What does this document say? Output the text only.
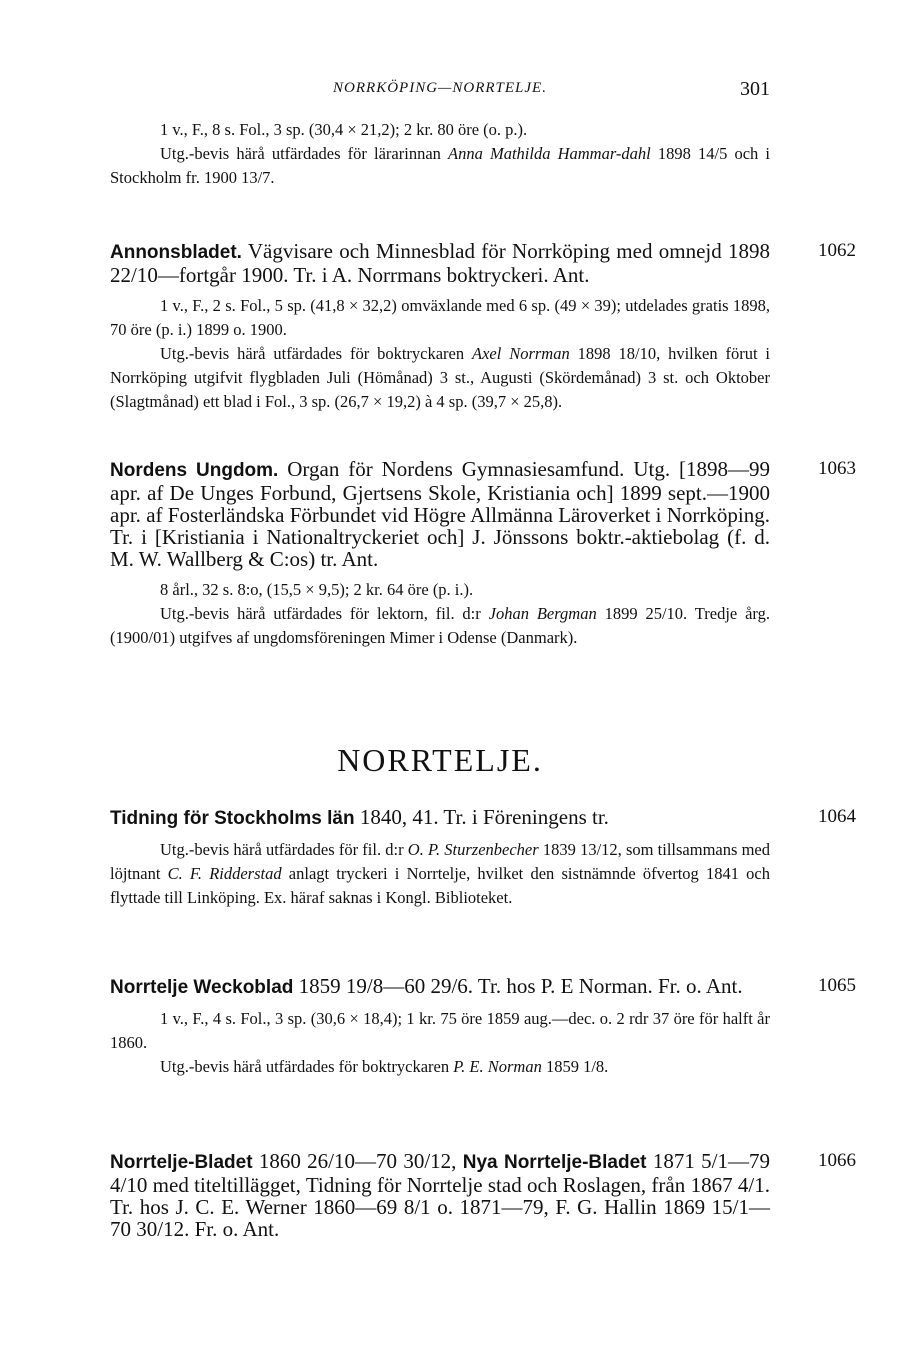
NORRKÖPING—NORRTELJE.	301

1 v., F., 8 s. Fol., 3 sp. (30,4 × 21,2); 2 kr. 80 öre (o. p.).

Utg.-bevis härå utfärdades för lärarinnan Anna Mathilda Hammar-dahl 1898 14/5 och i Stockholm fr. 1900 13/7.

1062

Annonsbladet. Vägvisare och Minnesblad för Norrköping med omnejd 1898 22/10—fortgår 1900. Tr. i A. Norrmans boktryckeri. Ant.

1 v., F., 2 s. Fol., 5 sp. (41,8 × 32,2) omväxlande med 6 sp. (49 × 39); utdelades gratis 1898, 70 öre (p. i.) 1899 o. 1900.

Utg.-bevis härå utfärdades för boktryckaren Axel Norrman 1898 18/10, hvilken förut i Norrköping utgifvit flygbladen Juli (Hömånad) 3 st., Augusti (Skördemånad) 3 st. och Oktober (Slagtmånad) ett blad i Fol., 3 sp. (26,7 × 19,2) à 4 sp. (39,7 × 25,8).

1063

Nordens Ungdom. Organ för Nordens Gymnasiesamfund. Utg. [1898—99 apr. af De Unges Forbund, Gjertsens Skole, Kristiania och] 1899 sept.—1900 apr. af Fosterländska Förbundet vid Högre Allmänna Läroverket i Norrköping. Tr. i [Kristiania i Nationaltryckeriet och] J. Jönssons boktr.-aktiebolag (f. d. M. W. Wallberg & C:os) tr. Ant.

8 årl., 32 s. 8:o, (15,5 × 9,5); 2 kr. 64 öre (p. i.).

Utg.-bevis härå utfärdades för lektorn, fil. d:r Johan Bergman 1899 25/10. Tredje årg. (1900/01) utgifves af ungdomsföreningen Mimer i Odense (Danmark).

NORRTELJE.
1064

Tidning för Stockholms län 1840, 41. Tr. i Föreningens tr.

Utg.-bevis härå utfärdades för fil. d:r O. P. Sturzenbecher 1839 13/12, som tillsammans med löjtnant C. F. Ridderstad anlagt tryckeri i Norrtelje, hvilket den sistnämnde öfvertog 1841 och flyttade till Linköping. Ex. häraf saknas i Kongl. Biblioteket.

1065

Norrtelje Weckoblad 1859 19/8—60 29/6. Tr. hos P. E Norman. Fr. o. Ant.

1 v., F., 4 s. Fol., 3 sp. (30,6 × 18,4); 1 kr. 75 öre 1859 aug.—dec. o. 2 rdr 37 öre för halft år 1860.

Utg.-bevis härå utfärdades för boktryckaren P. E. Norman 1859 1/8.

1066

Norrtelje-Bladet 1860 26/10—70 30/12, Nya Norrtelje-Bladet 1871 5/1—79 4/10 med titeltillägget, Tidning för Norrtelje stad och Roslagen, från 1867 4/1. Tr. hos J. C. E. Werner 1860—69 8/1 o. 1871—79, F. G. Hallin 1869 15/1—70 30/12. Fr. o. Ant.
